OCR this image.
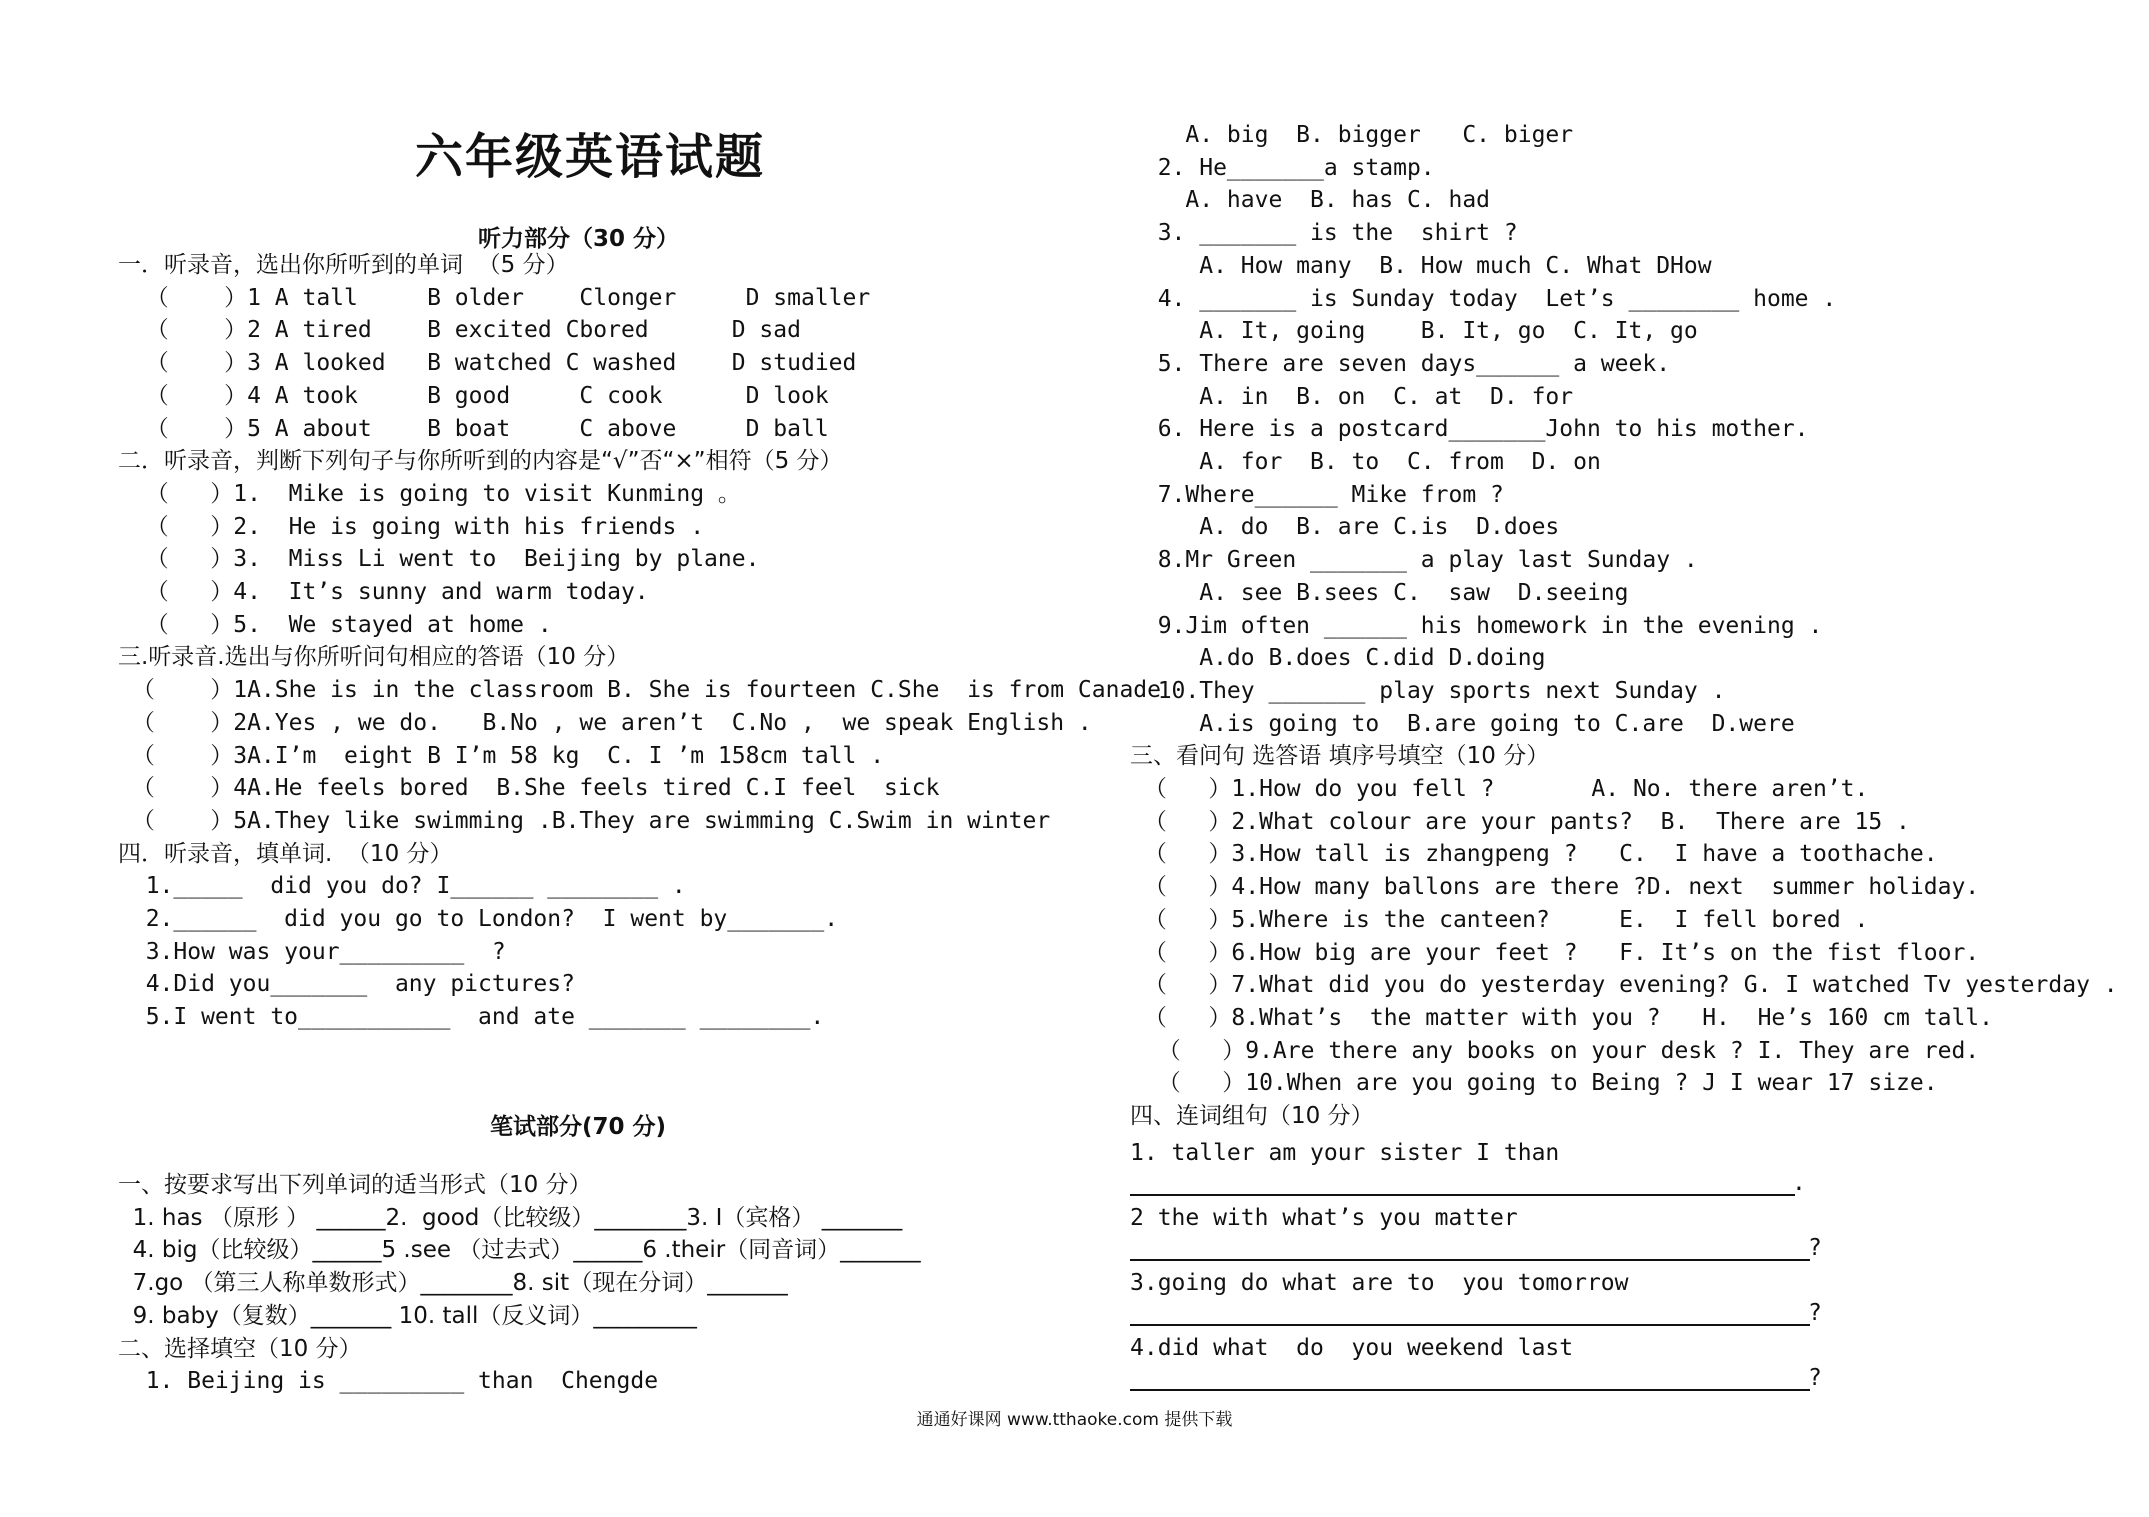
六年级英语试题
听力部分（30 分）
一．听录音，选出你所听到的单词  （5 分）
（    ）1 A tall     B older    Clonger     D smaller
（    ）2 A tired    B excited Cbored      D sad
（    ）3 A looked   B watched C washed    D studied
（    ）4 A took     B good     C cook      D look
（    ）5 A about    B boat     C above     D ball
二．听录音，判断下列句子与你所听到的内容是“√”否“×”相符（5 分）
（   ）1.  Mike is going to visit Kunming 。
（   ）2.  He is going with his friends .
（   ）3.  Miss Li went to  Beijing by plane.
（   ）4.  It’s sunny and warm today.
（   ）5.  We stayed at home .
三.听录音.选出与你所听问句相应的答语（10 分）
（    ）1A.She is in the classroom B. She is fourteen C.She  is from Canade
（    ）2A.Yes , we do.   B.No , we aren’t  C.No ,  we speak English .
（    ）3A.I’m  eight B I’m 58 kg  C. I ’m 158cm tall .
（    ）4A.He feels bored  B.She feels tired C.I feel  sick
（    ）5A.They like swimming .B.They are swimming C.Swim in winter
四．听录音，填单词.  （10 分）
1._____  did you do? I______ ________ .
2.______  did you go to London?  I went by_______.
3.How was your_________  ?
4.Did you_______  any pictures?
5.I went to___________  and ate _______ ________.
笔试部分(70 分)
一、按要求写出下列单词的适当形式（10 分）
1. has （原形 ） ______2.  good（比较级）________3. I（宾格） _______
4. big（比较级）______5 .see （过去式）______6 .their（同音词）_______
7.go （第三人称单数形式）________8. sit（现在分词）_______
9. baby（复数）_______ 10. tall（反义词）_________
二、选择填空（10 分）
1. Beijing is _________ than  Chengde
A. big  B. bigger   C. biger
2. He_______a stamp.
A. have  B. has C. had
3. _______ is the  shirt ?
A. How many  B. How much C. What DHow
4. _______ is Sunday today  Let’s ________ home .
A. It, going    B. It, go  C. It, go
5. There are seven days______ a week.
A. in  B. on  C. at  D. for
6. Here is a postcard_______John to his mother.
A. for  B. to  C. from  D. on
7.Where______ Mike from ?
A. do  B. are C.is  D.does
8.Mr Green _______ a play last Sunday .
A. see B.sees C.  saw  D.seeing
9.Jim often ______ his homework in the evening .
A.do B.does C.did D.doing
10.They _______ play sports next Sunday .
A.is going to  B.are going to C.are  D.were
三、看问句 选答语 填序号填空（10 分）
（   ）1.How do you fell ?       A. No. there aren’t.
（   ）2.What colour are your pants?  B.  There are 15 .
（   ）3.How tall is zhangpeng ?   C.  I have a toothache.
（   ）4.How many ballons are there ?D. next  summer holiday.
（   ）5.Where is the canteen?     E.  I fell bored .
（   ）6.How big are your feet ?   F. It’s on the fist floor.
（   ）7.What did you do yesterday evening? G. I watched Tv yesterday .
（   ）8.What’s  the matter with you ?   H.  He’s 160 cm tall.
（   ）9.Are there any books on your desk ? I. They are red.
（   ）10.When are you going to Being ? J I wear 17 size.
四、连词组句（10 分）
1. taller am your sister I than
.
2 the with what’s you matter
?
3.going do what are to  you tomorrow
?
4.did what  do  you weekend last
?
通通好课网 www.tthaoke.com 提供下载
